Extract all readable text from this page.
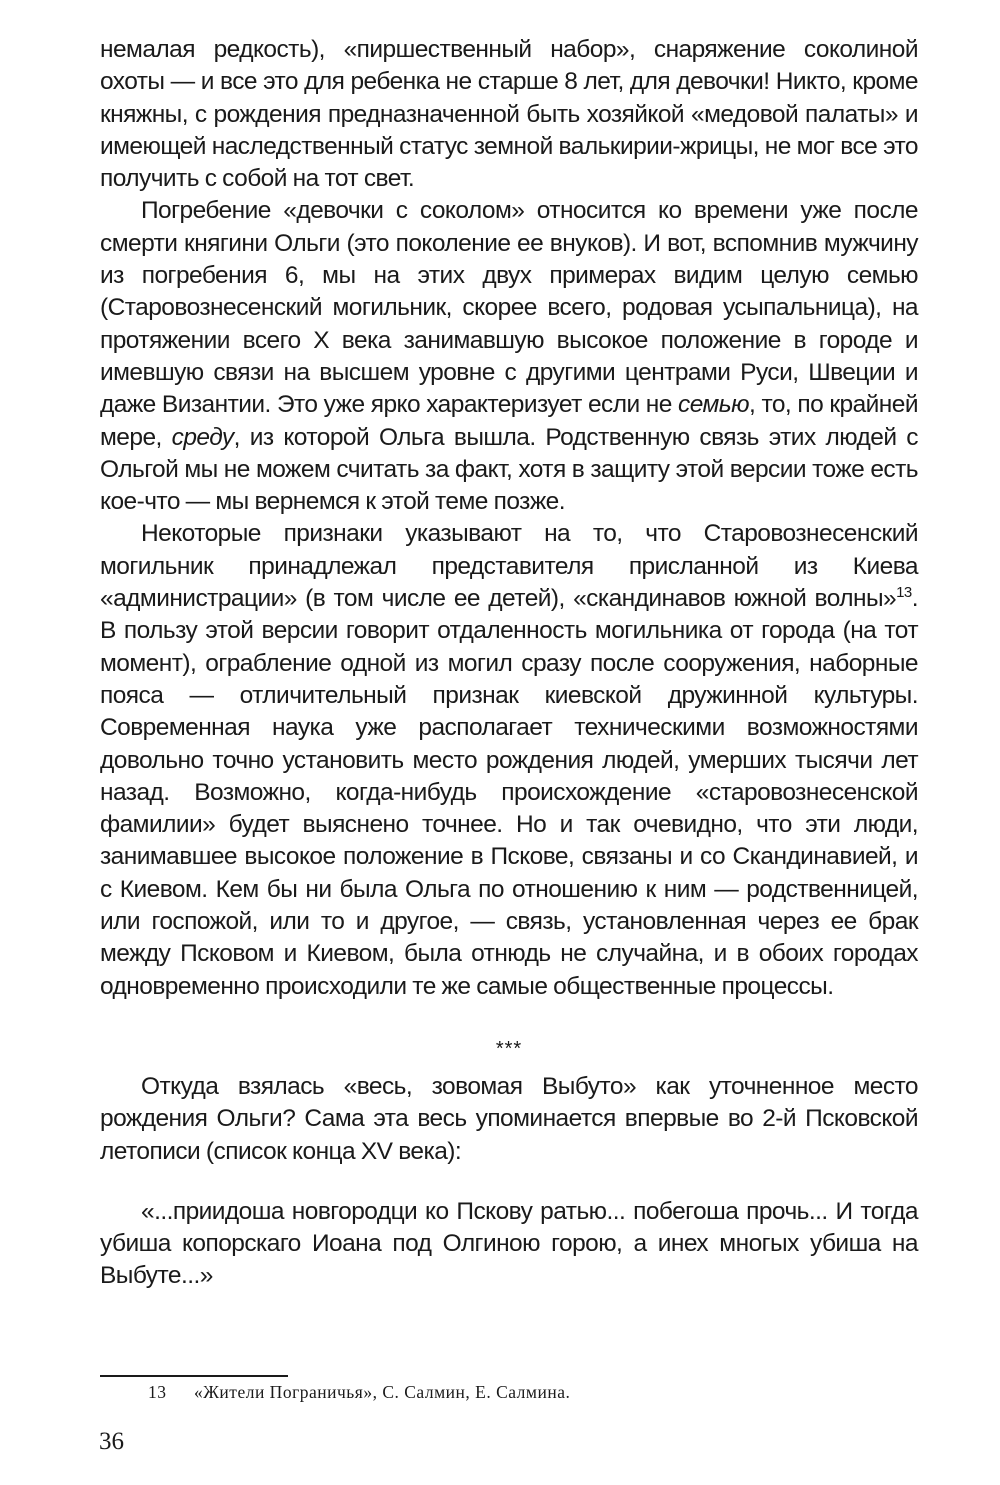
немалая редкость), «пиршественный набор», снаряжение соколиной охоты — и все это для ребенка не старше 8 лет, для девочки! Никто, кроме княжны, с рождения предназначенной быть хозяйкой «медовой палаты» и имеющей наследственный статус земной валькирии-жрицы, не мог все это получить с собой на тот свет.

Погребение «девочки с соколом» относится ко времени уже после смерти княгини Ольги (это поколение ее внуков). И вот, вспомнив мужчину из погребения 6, мы на этих двух примерах видим целую семью (Старовознесенский могильник, скорее всего, родовая усыпальница), на протяжении всего X века занимавшую высокое положение в городе и имевшую связи на высшем уровне с другими центрами Руси, Швеции и даже Византии. Это уже ярко характеризует если не семью, то, по крайней мере, среду, из которой Ольга вышла. Родственную связь этих людей с Ольгой мы не можем считать за факт, хотя в защиту этой версии тоже есть кое-что — мы вернемся к этой теме позже.

Некоторые признаки указывают на то, что Старовознесенский могильник принадлежал представителя присланной из Киева «администрации» (в том числе ее детей), «скандинавов южной волны»$^{13}$. В пользу этой версии говорит отдаленность могильника от города (на тот момент), ограбление одной из могил сразу после сооружения, наборные пояса — отличительный признак киевской дружинной культуры. Современная наука уже располагает техническими возможностями довольно точно установить место рождения людей, умерших тысячи лет назад. Возможно, когда-нибудь происхождение «старовознесенской фамилии» будет выяснено точнее. Но и так очевидно, что эти люди, занимавшее высокое положение в Пскове, связаны и со Скандинавией, и с Киевом. Кем бы ни была Ольга по отношению к ним — родственницей, или госпожой, или то и другое, — связь, установленная через ее брак между Псковом и Киевом, была отнюдь не случайна, и в обоих городах одновременно происходили те же самые общественные процессы.

***

Откуда взялась «весь, зовомая Выбуто» как уточненное место рождения Ольги? Сама эта весь упоминается впервые во 2-й Псковской летописи (список конца XV века):

«...приидоша новгородци ко Пскову ратью... побегоша прочь... И тогда убиша копорскаго Иоана под Олгиною горою, а инех многых убиша на Выбуте...»

13 «Жители Пограничья», С. Салмин, Е. Салмина.
36
